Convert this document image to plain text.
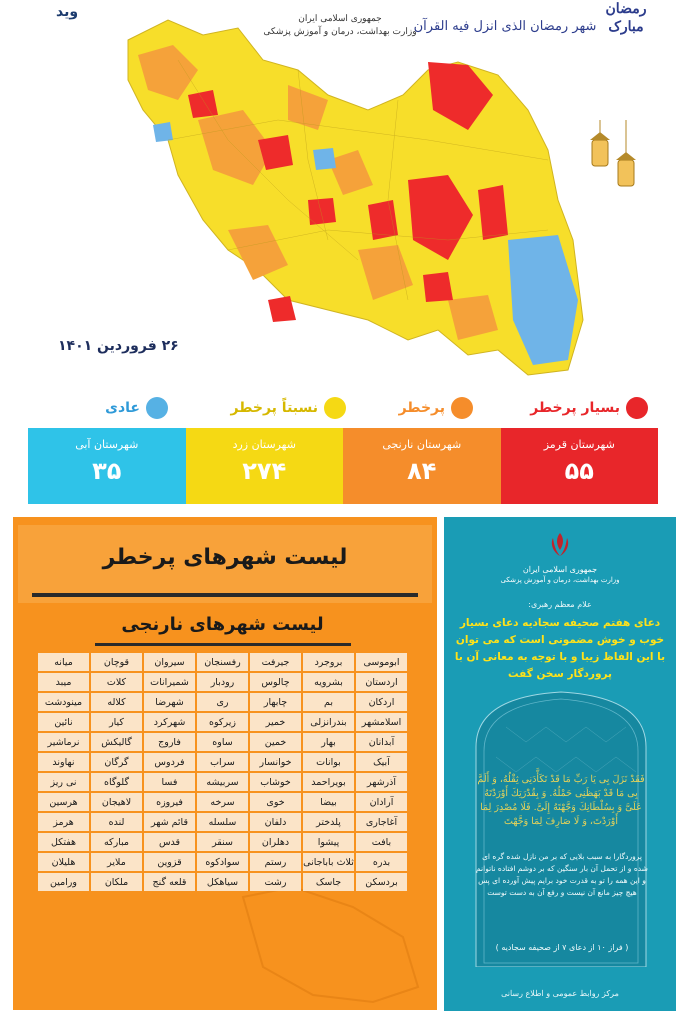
ويد	جمهوری اسلامی ایران
وزارت بهداشت، درمان و آموزش پزشکی
شهر رمضان الذی انزل فیه القرآن
رمضان مبارک
۲۶ فروردین ۱۴۰۱
بسیار پرخطر
پرخطر
نسبتاً پرخطر
عادی
شهرستان آبی
۳۵
شهرستان زرد
۲۷۴
شهرستان نارنجی
۸۴
شهرستان قرمز
۵۵
لیست شهرهای پرخطر
لیست شهرهای نارنجی
ابوموسی	بروجرد	جیرفت	رفسنجان	سیروان	قوچان	میانه
اردستان	بشرویه	چالوس	رودبار	شمیرانات	کلات	میبد
اردکان	بم	چابهار	ری	شهرضا	کلاله	مینودشت
اسلامشهر	بندرانزلی	خمیر	زیرکوه	شهرکرد	کیار	نائین
آبدانان	بهار	خمین	ساوه	فاروج	گالیکش	نرماشیر
آبیک	بوانات	خوانسار	سراب	فردوس	گرگان	نهاوند
آذرشهر	بویراحمد	خوشاب	سربیشه	فسا	گلوگاه	نی ریز
آرادان	بیضا	خوی	سرخه	فیروزه	لاهیجان	هرسین
آغاجاری	پلدختر	دلفان	سلسله	قائم شهر	لنده	هرمز
بافت	پیشوا	دهلران	سنقر	قدس	مبارکه	هفتکل
بدره	ثلاث باباجانی	رستم	سوادکوه	قزوین	ملایر	هلیلان
بردسکن	جاسک	رشت	سیاهکل	قلعه گنج	ملکان	ورامین
جمهوری اسلامی ایران
وزارت بهداشت، درمان و آموزش پزشکی
علام معظم رهبری:
دعای هفتم صحیفه سجادیه دعای بسیار خوب و خوش مضمونی است که می توان با این الفاظ زیبا و با توجه به معانی آن با پروردگار سخن گفت
فَقَدْ نَزَلَ بِی یَا رَبِّ مَا قَدْ تَكَأَّدَنِی ثِقْلُهُ، وَ أَلَمَّ بِی مَا قَدْ بَهَظَنِی حَمْلُهُ. وَ بِقُدْرَتِكَ أَوْرَدْتَهُ عَلَیَّ وَ بِسُلْطَانِكَ وَجَّهْتَهُ إِلَیَّ. فَلَا مُصْدِرَ لِمَا أَوْرَدْتَ، وَ لَا صَارِفَ لِمَا وَجَّهْتَ
پروردگارا به سبب بلایی که بر من نازل شده گره ای شده و از تحمل آن بار سنگین که بر دوشم افتاده ناتوانم و این همه را تو به قدرت خود برایم پیش آورده ای پس هیچ چیز مانع آن نیست و رفع آن به دست توست
( فراز ۱۰ از دعای ۷ از صحیفه سجادیه )
مرکز روابط عمومی و اطلاع رسانی
